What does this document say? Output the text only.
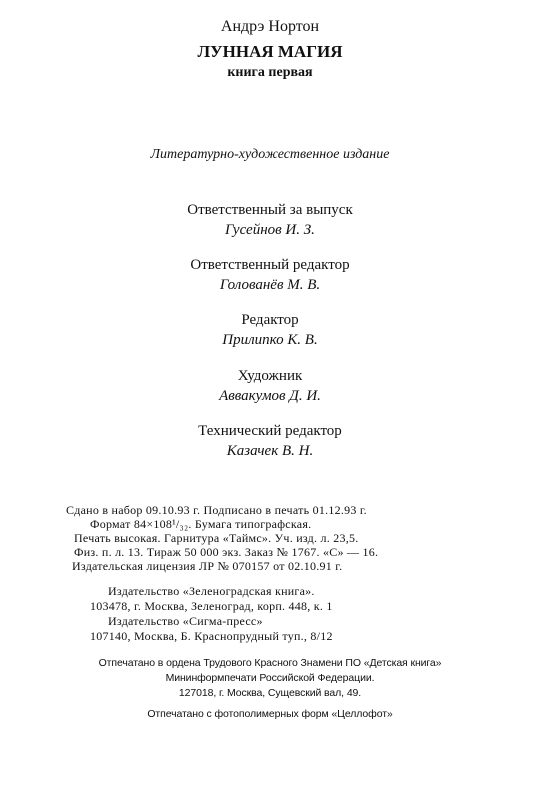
Андрэ Нортон
ЛУННАЯ МАГИЯ
книга первая
Литературно-художественное издание
Ответственный за выпуск
Гусейнов И. З.
Ответственный редактор
Голованёв М. В.
Редактор
Прилипко К. В.
Художник
Аввакумов Д. И.
Технический редактор
Казачек В. Н.
Сдано в набор 09.10.93 г. Подписано в печать 01.12.93 г.
Формат 84×108¹/₃₂. Бумага типографская.
Печать высокая. Гарнитура «Таймс». Уч. изд. л. 23,5.
Физ. п. л. 13. Тираж 50 000 экз. Заказ № 1767. «С» — 16.
Издательская лицензия ЛР № 070157 от 02.10.91 г.
Издательство «Зеленоградская книга».
103478, г. Москва, Зеленоград, корп. 448, к. 1
Издательство «Сигма-пресс»
107140, Москва, Б. Краснопрудный туп., 8/12
Отпечатано в ордена Трудового Красного Знамени ПО «Детская книга»
Мининформпечати Российской Федерации.
127018, г. Москва, Сущевский вал, 49.
Отпечатано с фотополимерных форм «Целлофот»
